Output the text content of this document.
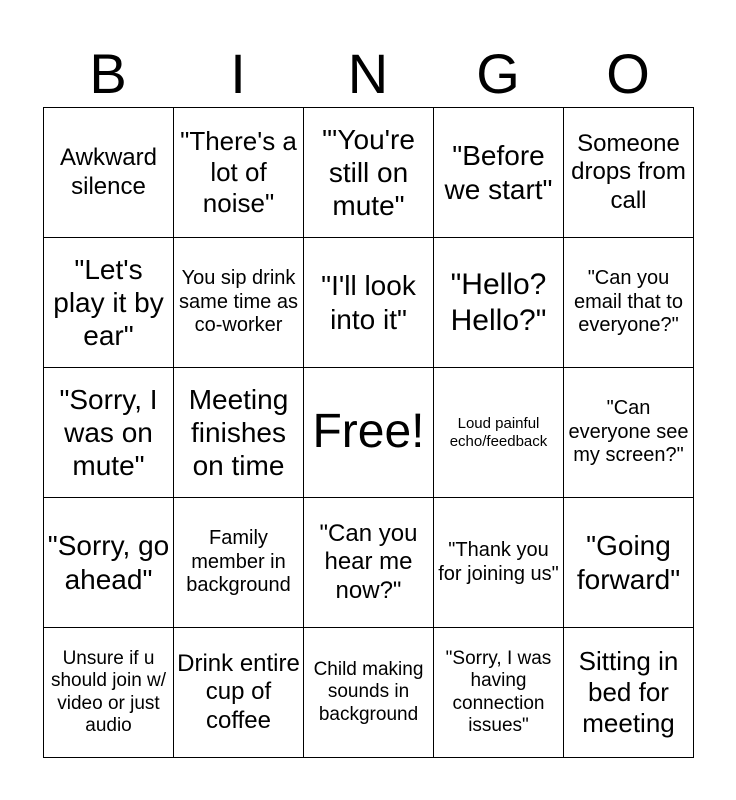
B	I	N	G	O
Awkward silence	"There's a lot of noise"	"'You're still on mute"	"Before we start"	Someone drops from call
"Let's play it by ear"	You sip drink same time as co-worker	"I'll look into it"	"Hello? Hello?"	"Can you email that to everyone?"
"Sorry, I was on mute"	Meeting finishes on time	Free!	Loud painful echo/feedback	"Can everyone see my screen?"
"Sorry, go ahead"	Family member in background	"Can you hear me now?"	"Thank you for joining us"	"Going forward"
Unsure if u should join w/ video or just audio	Drink entire cup of coffee	Child making sounds in background	"Sorry, I was having connection issues"	Sitting in bed for meeting
